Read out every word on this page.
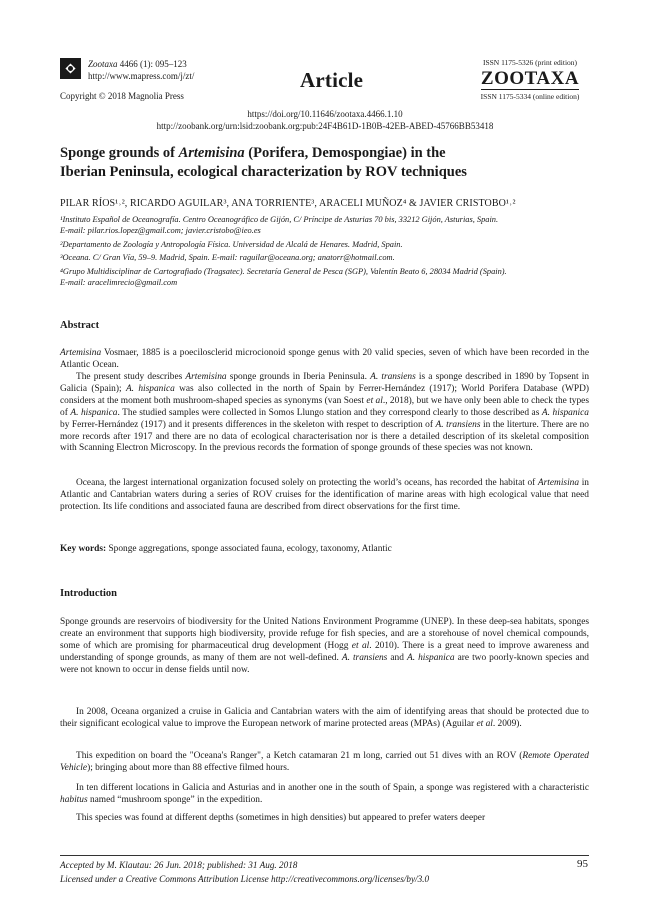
Zootaxa 4466 (1): 095–123
http://www.mapress.com/j/zt/
Copyright © 2018 Magnolia Press
Article
ISSN 1175-5326 (print edition)
ZOOTAXA
ISSN 1175-5334 (online edition)
https://doi.org/10.11646/zootaxa.4466.1.10
http://zoobank.org/urn:lsid:zoobank.org:pub:24F4B61D-1B0B-42EB-ABED-45766BB53418
Sponge grounds of Artemisina (Porifera, Demospongiae) in the
Iberian Peninsula, ecological characterization by ROV techniques
PILAR RÍOS¹˒², RICARDO AGUILAR³, ANA TORRIENTE³, ARACELI MUÑOZ⁴ & JAVIER CRISTOBO¹˒²
¹Instituto Español de Oceanografía. Centro Oceanográfico de Gijón, C/ Príncipe de Asturias 70 bis, 33212 Gijón, Asturias, Spain.
E-mail: pilar.rios.lopez@gmail.com; javier.cristobo@ieo.es
²Departamento de Zoología y Antropología Física. Universidad de Alcalá de Henares. Madrid, Spain.
³Oceana. C/ Gran Vía, 59–9. Madrid, Spain. E-mail: raguilar@oceana.org; anatorr@hotmail.com.
⁴Grupo Multidisciplinar de Cartografiado (Tragsatec). Secretaría General de Pesca (SGP), Valentín Beato 6, 28034 Madrid (Spain).
E-mail: aracelimrecio@gmail.com
Abstract

Artemisina Vosmaer, 1885 is a poecilosclerid microcionoid sponge genus with 20 valid species, seven of which have been recorded in the Atlantic Ocean.

The present study describes Artemisina sponge grounds in Iberia Peninsula. A. transiens is a sponge described in 1890 by Topsent in Galicia (Spain); A. hispanica was also collected in the north of Spain by Ferrer-Hernández (1917); World Porifera Database (WPD) considers at the moment both mushroom-shaped species as synonyms (van Soest et al., 2018), but we have only been able to check the types of A. hispanica. The studied samples were collected in Somos Llungo station and they correspond clearly to those described as A. hispanica by Ferrer-Hernández (1917) and it presents differences in the skeleton with respet to description of A. transiens in the literture. There are no more records after 1917 and there are no data of ecological characterisation nor is there a detailed description of its skeletal composition with Scanning Electron Microscopy. In the previous records the formation of sponge grounds of these species was not known.

Oceana, the largest international organization focused solely on protecting the world’s oceans, has recorded the habitat of Artemisina in Atlantic and Cantabrian waters during a series of ROV cruises for the identification of marine areas with high ecological value that need protection. Its life conditions and associated fauna are described from direct observations for the first time.

Key words: Sponge aggregations, sponge associated fauna, ecology, taxonomy, Atlantic

Introduction

Sponge grounds are reservoirs of biodiversity for the United Nations Environment Programme (UNEP). In these deep-sea habitats, sponges create an environment that supports high biodiversity, provide refuge for fish species, and are a storehouse of novel chemical compounds, some of which are promising for pharmaceutical drug development (Hogg et al. 2010). There is a great need to improve awareness and understanding of sponge grounds, as many of them are not well-defined. A. transiens and A. hispanica are two poorly-known species and were not known to occur in dense fields until now.

In 2008, Oceana organized a cruise in Galicia and Cantabrian waters with the aim of identifying areas that should be protected due to their significant ecological value to improve the European network of marine protected areas (MPAs) (Aguilar et al. 2009).

This expedition on board the "Oceana's Ranger", a Ketch catamaran 21 m long, carried out 51 dives with an ROV (Remote Operated Vehicle); bringing about more than 88 effective filmed hours.

In ten different locations in Galicia and Asturias and in another one in the south of Spain, a sponge was registered with a characteristic habitus named “mushroom sponge” in the expedition.

This species was found at different depths (sometimes in high densities) but appeared to prefer waters deeper

Accepted by M. Klautau: 26 Jun. 2018; published: 31 Aug. 2018
Licensed under a Creative Commons Attribution License http://creativecommons.org/licenses/by/3.0
95
